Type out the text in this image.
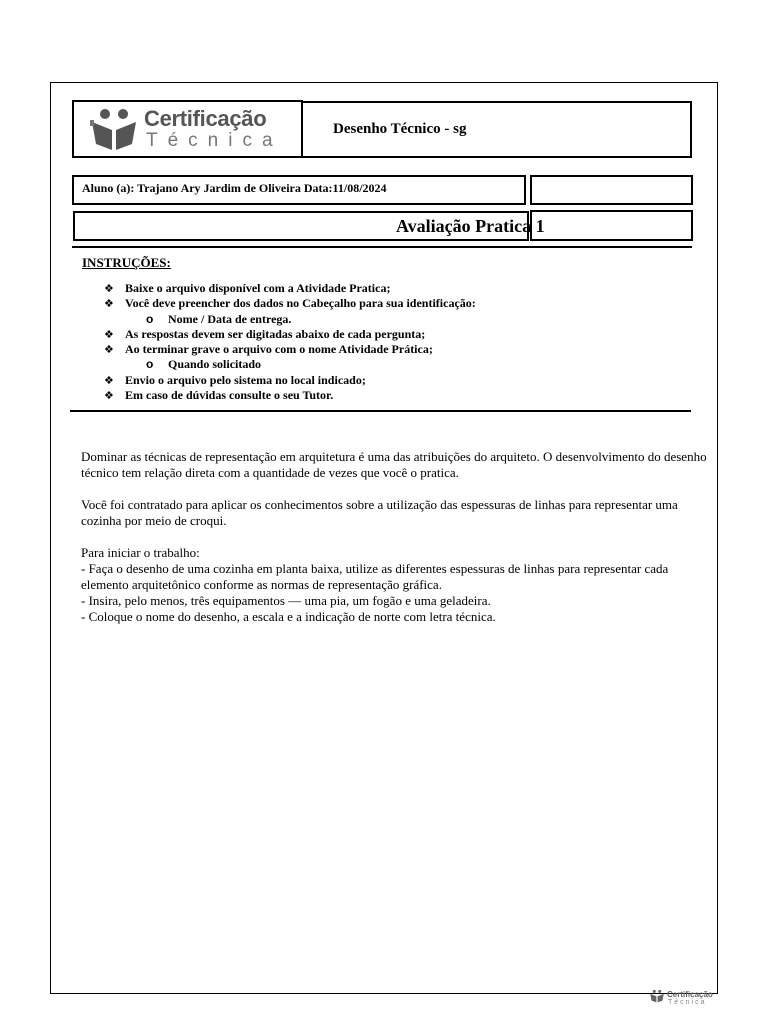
Certificação
Técnica
Desenho Técnico - sg
Aluno (a): Trajano Ary Jardim de Oliveira Data:11/08/2024
Avaliação Pratica 1
INSTRUÇÕES:
❖ Baixe o arquivo disponível com a Atividade Pratica;
❖ Você deve preencher dos dados no Cabeçalho para sua identificação:
o Nome / Data de entrega.
❖ As respostas devem ser digitadas abaixo de cada pergunta;
❖ Ao terminar grave o arquivo com o nome Atividade Prática;
o Quando solicitado
❖ Envio o arquivo pelo sistema no local indicado;
❖ Em caso de dúvidas consulte o seu Tutor.

Dominar as técnicas de representação em arquitetura é uma das atribuições do arquiteto. O desenvolvimento do desenho técnico tem relação direta com a quantidade de vezes que você o pratica.

Você foi contratado para aplicar os conhecimentos sobre a utilização das espessuras de linhas para representar uma cozinha por meio de croqui.

Para iniciar o trabalho:

- Faça o desenho de uma cozinha em planta baixa, utilize as diferentes espessuras de linhas para representar cada elemento arquitetônico conforme as normas de representação gráfica.

- Insira, pelo menos, três equipamentos — uma pia, um fogão e uma geladeira.

- Coloque o nome do desenho, a escala e a indicação de norte com letra técnica.

Certificação
Técnica
